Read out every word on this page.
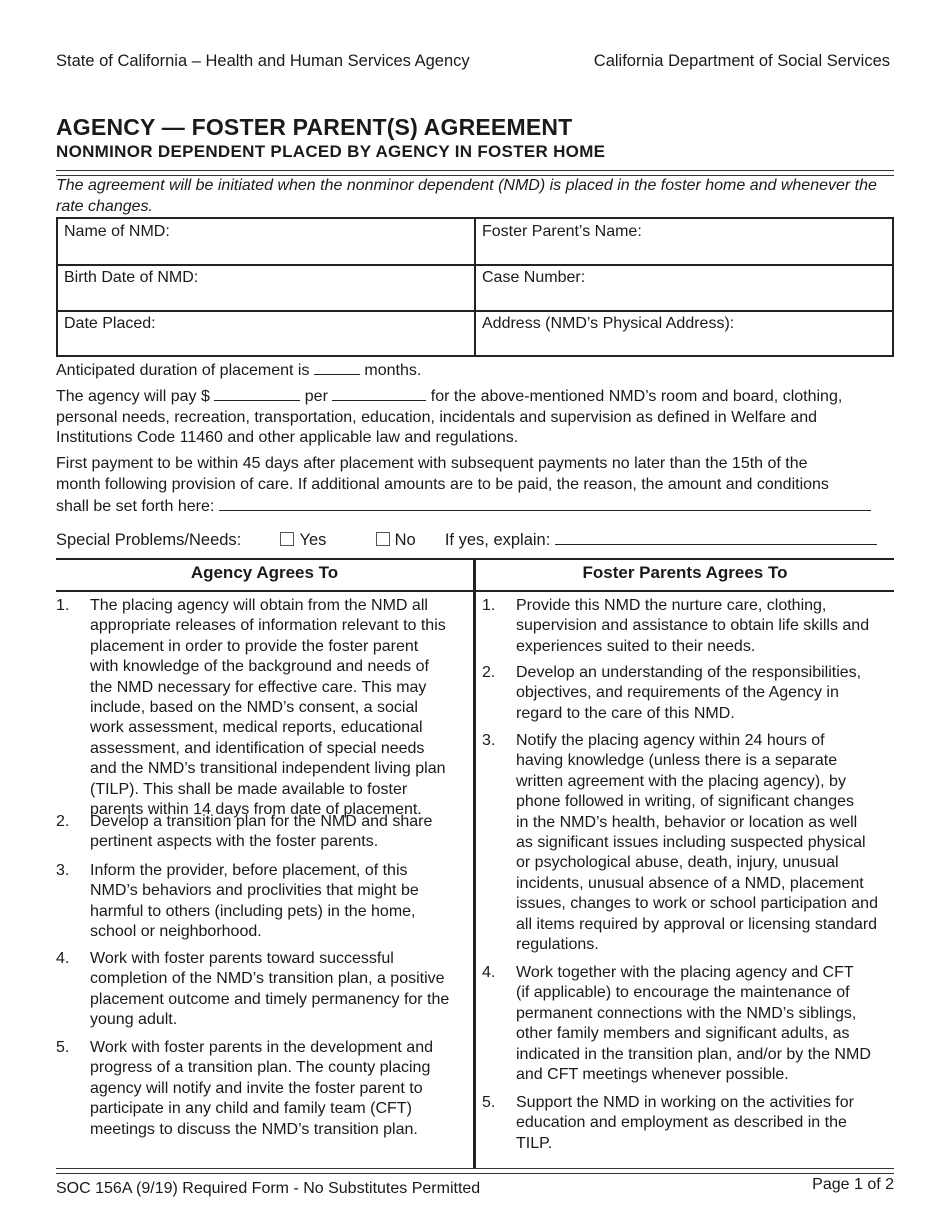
State of California – Health and Human Services Agency	California Department of Social Services
AGENCY — FOSTER PARENT(S) AGREEMENT
NONMINOR DEPENDENT PLACED BY AGENCY IN FOSTER HOME
The agreement will be initiated when the nonminor dependent (NMD) is placed in the foster home and whenever the rate changes.
Name of NMD:	Foster Parent’s Name:
Birth Date of NMD:	Case Number:
Date Placed:	Address (NMD’s Physical Address):
Anticipated duration of placement is	months.
The agency will pay $	per	for the above-mentioned NMD’s room and board, clothing,
personal needs, recreation, transportation, education, incidentals and supervision as defined in Welfare and
Institutions Code 11460 and other applicable law and regulations.
First payment to be within 45 days after placement with subsequent payments no later than the 15th of the
month following provision of care. If additional amounts are to be paid, the reason, the amount and conditions
shall be set forth here:
Special Problems/Needs:	Yes	No If yes, explain:
Agency Agrees To	Foster Parents Agrees To
1. The placing agency will obtain from the NMD all
appropriate releases of information relevant to this
placement in order to provide the foster parent
with knowledge of the background and needs of
the NMD necessary for effective care. This may
include, based on the NMD’s consent, a social
work assessment, medical reports, educational
assessment, and identification of special needs
and the NMD’s transitional independent living plan
(TILP). This shall be made available to foster
parents within 14 days from date of placement.
2. Develop a transition plan for the NMD and share
pertinent aspects with the foster parents.
3. Inform the provider, before placement, of this
NMD’s behaviors and proclivities that might be
harmful to others (including pets) in the home,
school or neighborhood.
4. Work with foster parents toward successful
completion of the NMD’s transition plan, a positive
placement outcome and timely permanency for the
young adult.
5. Work with foster parents in the development and
progress of a transition plan. The county placing
agency will notify and invite the foster parent to
participate in any child and family team (CFT)
meetings to discuss the NMD’s transition plan.
1. Provide this NMD the nurture care, clothing,
supervision and assistance to obtain life skills and
experiences suited to their needs.
2. Develop an understanding of the responsibilities,
objectives, and requirements of the Agency in
regard to the care of this NMD.
3. Notify the placing agency within 24 hours of
having knowledge (unless there is a separate
written agreement with the placing agency), by
phone followed in writing, of significant changes
in the NMD’s health, behavior or location as well
as significant issues including suspected physical
or psychological abuse, death, injury, unusual
incidents, unusual absence of a NMD, placement
issues, changes to work or school participation and
all items required by approval or licensing standard
regulations.
4. Work together with the placing agency and CFT
(if applicable) to encourage the maintenance of
permanent connections with the NMD’s siblings,
other family members and significant adults, as
indicated in the transition plan, and/or by the NMD
and CFT meetings whenever possible.
5. Support the NMD in working on the activities for
education and employment as described in the
TILP.
SOC 156A (9/19) Required Form - No Substitutes Permitted	Page 1 of 2
